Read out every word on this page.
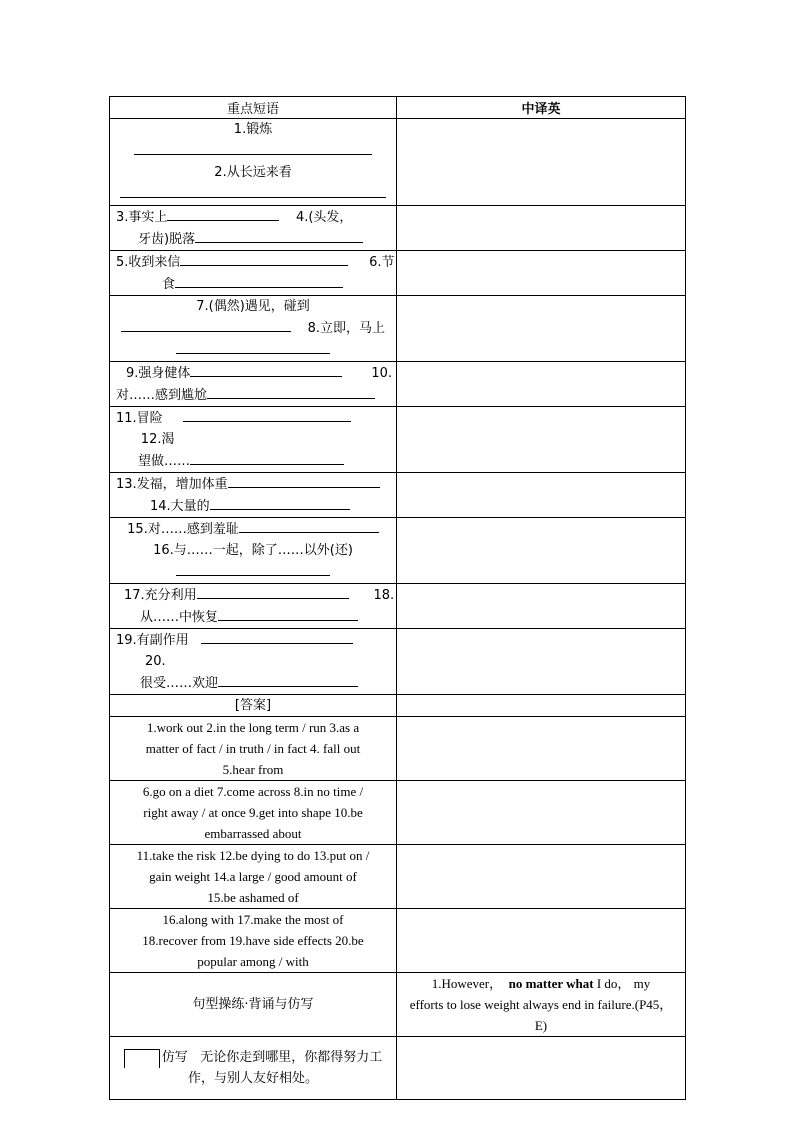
重点短语	中译英

1.锻炼
2.从长远来看	

3.事实上 4.(头发，
牙齿)脱落	

5.收到来信 6.节
食	

7.(偶然)遇见，碰到
8.立即，马上	

9.强身健体 10.
对……感到尴尬	

11.冒险           12.渴
望做……	

13.发福，增加体重
14.大量的	

15.对……感到羞耻
16.与……一起，除了……以外(还)	

17.充分利用 18.
从……中恢复	

19.有副作用          20.
很受……欢迎	

[答案]	

1.work out 2.in the long term / run 3.as a
matter of fact / in truth / in fact 4. fall out
5.hear from	

6.go on a diet 7.come across 8.in no time /
right away / at once 9.get into shape 10.be
embarrassed about	

11.take the risk 12.be dying to do 13.put on /
gain weight 14.a large / good amount of
15.be ashamed of	

16.along with 17.make the most of
18.recover from 19.have side effects 20.be
popular among / with	

句型操练·背诵与仿写	1.However， no matter what I do， my
efforts to lose weight always end in failure.(P45，
E)

仿写 无论你走到哪里，你都得努力工
作，与别人友好相处。	
